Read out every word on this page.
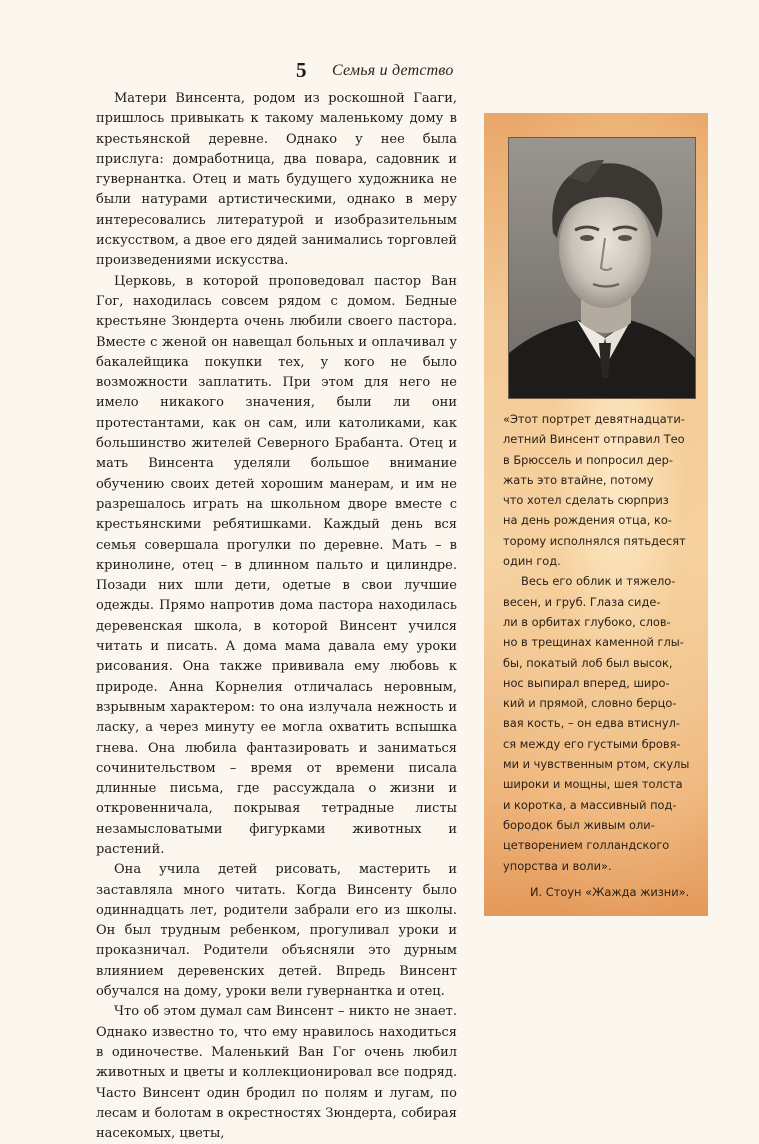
5 Семья и детство

Матери Винсента, родом из роскошной Гааги, пришлось привыкать к такому маленькому дому в крестьянской деревне. Однако у нее была прислуга: домработница, два повара, садовник и гувернантка. Отец и мать будущего художника не были натурами артистическими, однако в меру интересовались литературой и изобразительным искусством, а двое его дядей занимались торговлей произведениями искусства.

Церковь, в которой проповедовал пастор Ван Гог, находилась совсем рядом с домом. Бедные крестьяне Зюндерта очень любили своего пастора. Вместе с женой он навещал больных и оплачивал у бакалейщика покупки тех, у кого не было возможности заплатить. При этом для него не имело никакого значения, были ли они протестантами, как он сам, или католиками, как большинство жителей Северного Брабанта. Отец и мать Винсента уделяли большое внимание обучению своих детей хорошим манерам, и им не разрешалось играть на школьном дворе вместе с крестьянскими ребятишками. Каждый день вся семья совершала прогулки по деревне. Мать – в кринолине, отец – в длинном пальто и цилиндре. Позади них шли дети, одетые в свои лучшие одежды. Прямо напротив дома пастора находилась деревенская школа, в которой Винсент учился читать и писать. А дома мама давала ему уроки рисования. Она также прививала ему любовь к природе. Анна Корнелия отличалась неровным, взрывным характером: то она излучала нежность и ласку, а через минуту ее могла охватить вспышка гнева. Она любила фантазировать и заниматься сочинительством – время от времени писала длинные письма, где рассуждала о жизни и откровенничала, покрывая тетрадные листы незамысловатыми фигурками животных и растений.

Она учила детей рисовать, мастерить и заставляла много читать. Когда Винсенту было одиннадцать лет, родители забрали его из школы. Он был трудным ребенком, прогуливал уроки и проказничал. Родители объясняли это дурным влиянием деревенских детей. Впредь Винсент обучался на дому, уроки вели гувернантка и отец.

Что об этом думал сам Винсент – никто не знает. Однако известно то, что ему нравилось находиться в одиночестве. Маленький Ван Гог очень любил животных и цветы и коллекционировал все подряд. Часто Винсент один бродил по полям и лугам, по лесам и болотам в окрестностях Зюндерта, собирая насекомых, цветы,

«Этот портрет девятнадцати-
летний Винсент отправил Тео
в Брюссель и попросил дер-
жать это втайне, потому
что хотел сделать сюрприз
на день рождения отца, ко-
торому исполнялся пятьдесят
один год.

Весь его облик и тяжело-
весен, и груб. Глаза сиде-
ли в орбитах глубоко, слов-
но в трещинах каменной глы-
бы, покатый лоб был высок,
нос выпирал вперед, широ-
кий и прямой, словно берцо-
вая кость, – он едва втиснул-
ся между его густыми бровя-
ми и чувственным ртом, скулы
широки и мощны, шея толста
и коротка, а массивный под-
бородок был живым оли-
цетворением голландского
упорства и воли».

И. Стоун «Жажда жизни».
